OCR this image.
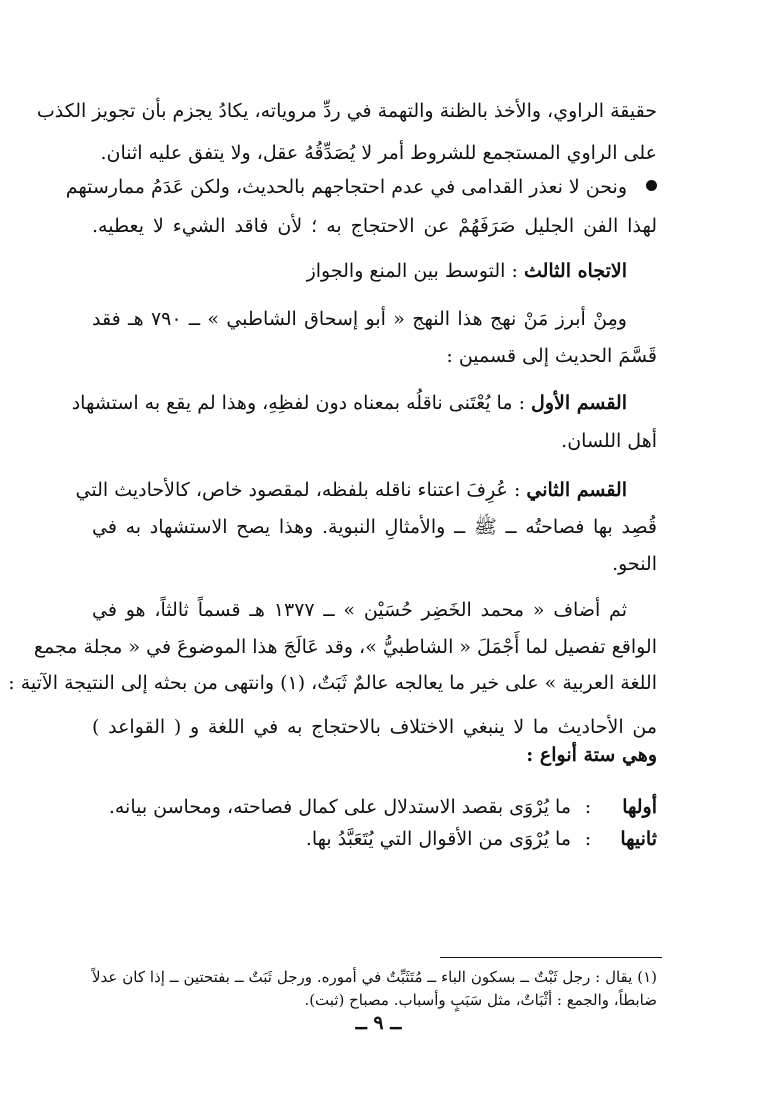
حقيقة الراوي، والأخذ بالظنة والتهمة في ردِّ مروياته، يكادُ يجزم بأن تجويز الكذب
على الراوي المستجمع للشروط أمر لا يُصَدِّقُهُ عقل، ولا يتفق عليه اثنان.
ونحن لا نعذر القدامى في عدم احتجاجهم بالحديث، ولكن عَدَمُ ممارستهم
لهذا الفن الجليل صَرَفَهُمْ عن الاحتجاج به ؛ لأن فاقد الشيء لا يعطيه.
الاتجاه الثالث : التوسط بين المنع والجواز
ومِنْ أبرز مَنْ نهج هذا النهج « أبو إسحاق الشاطبي » ــ ٧٩٠ هـ فقد
قَسَّمَ الحديث إلى قسمين :
القسم الأول : ما يُعْتَنى ناقلُه بمعناه دون لفظِهِ، وهذا لم يقع به استشهاد
أهل اللسان.
القسم الثاني : عُرِفَ اعتناء ناقله بلفظه، لمقصود خاص، كالأحاديث التي
قُصِد بها فصاحتُه ــ ﷺ ــ والأمثالِ النبوية. وهذا يصح الاستشهاد به في
النحو.
ثم أضاف « محمد الخَضِر حُسَيْن » ــ ١٣٧٧ هـ قسماً ثالثاً، هو في
الواقع تفصيل لما أَجْمَلَ « الشاطبيُّ »، وقد عَالَجَ هذا الموضوعَ في « مجلة مجمع
اللغة العربية » على خير ما يعالجه عالمٌ ثَبَتٌ، (١) وانتهى من بحثه إلى النتيجة الآتية :
من الأحاديث ما لا ينبغي الاختلاف بالاحتجاج به في اللغة و ( القواعد )
وهي ستة أنواع :
أولها:ما يُرْوَى بقصد الاستدلال على كمال فصاحته، ومحاسن بيانه.
ثانيها:ما يُرْوَى من الأقوال التي يُتَعَبَّدُ بها.
(١) يقال : رجل ثَبْتٌ ــ بسكون الباء ــ مُتَثَبِّتٌ في أموره. ورجل ثَبَتٌ ــ بفتحتين ــ إذا كان عدلاً
ضابطاً، والجمع : أثْبَاتٌ، مثل سَبَبٍ وأسباب. مصباح (ثبت).
ــ ٩ ــ
